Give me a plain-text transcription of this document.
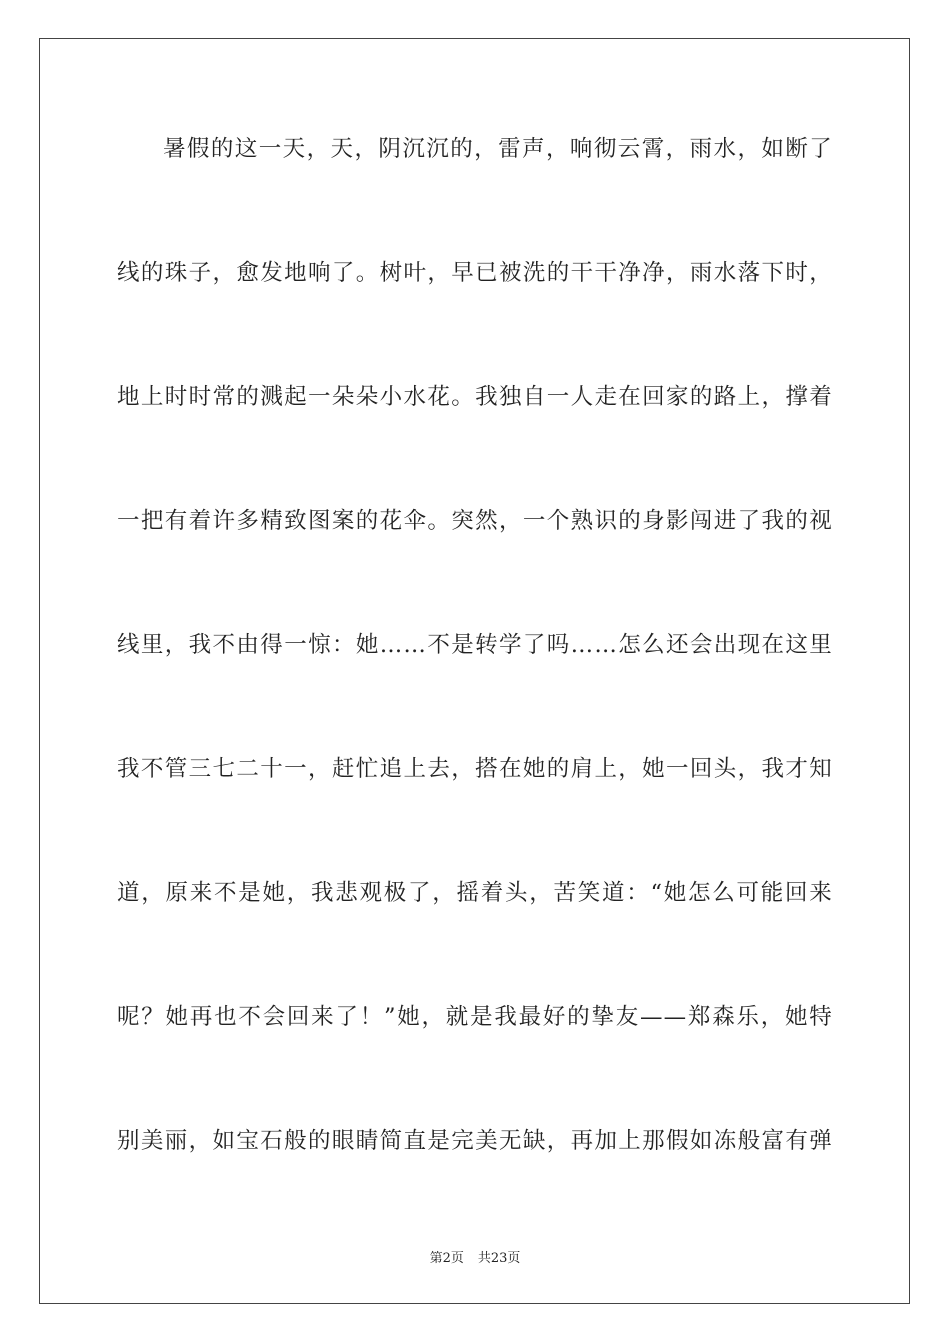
暑假的这一天，天，阴沉沉的，雷声，响彻云霄，雨水，如断了
线的珠子，愈发地响了。树叶，早已被洗的干干净净，雨水落下时，
地上时时常的溅起一朵朵小水花。我独自一人走在回家的路上，撑着
一把有着许多精致图案的花伞。突然，一个熟识的身影闯进了我的视
线里，我不由得一惊：她……不是转学了吗……怎么还会出现在这里
我不管三七二十一，赶忙追上去，搭在她的肩上，她一回头，我才知
道，原来不是她，我悲观极了，摇着头，苦笑道：“她怎么可能回来
呢？她再也不会回来了！”她，就是我最好的挚友——郑森乐，她特
别美丽，如宝石般的眼睛简直是完美无缺，再加上那假如冻般富有弹
第2页 共23页
